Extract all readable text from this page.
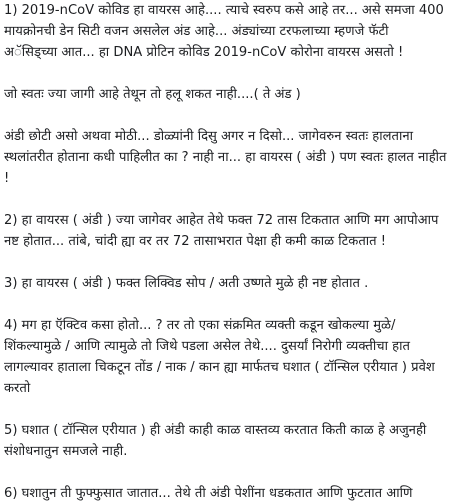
1) 2019-nCoV कोविड हा वायरस आहे.... त्याचे स्वरुप कसे आहे तर... असे समजा 400
मायक्रोनची डेन सिटी वजन असलेल अंड आहे... अंड्यांच्या टरफलाच्या म्हणजे फॅटी
अॅसिड्च्या आत... हा DNA प्रोटिन कोविड 2019-nCoV कोरोना वायरस असतो !

जो स्वतः ज्या जागी आहे तेथून तो हलू शकत नाही....( ते अंड )

अंडी छोटी असो अथवा मोठी... डोळ्यांनी दिसु अगर न दिसो... जागेवरुन स्वतः हालताना
स्थलांतरीत होताना कधी पाहिलीत का ? नाही ना... हा वायरस ( अंडी ) पण स्वतः हालत नाहीत
!

2) हा वायरस ( अंडी ) ज्या जागेवर आहेत तेथे फक्त 72 तास टिकतात आणि मग आपोआप
नष्ट होतात... तांबे, चांदी ह्या वर तर 72 तासाभरात पेक्षा ही कमी काळ टिकतात !

3) हा वायरस ( अंडी ) फक्त लिक्विड सोप / अती उष्णते मुळे ही नष्ट होतात .

4) मग हा ऍक्टिव कसा होतो... ? तर तो एका संक्रमित व्यक्ती कडून खोकल्या मुळे/
शिंकल्यामुळे / आणि त्यामुळे तो जिथे पडला असेल तेथे.... दुसर्यां निरोगी व्यक्तीचा हात
लागल्यावर हाताला चिकटून तोंड / नाक / कान ह्या मार्फतच घशात ( टॉन्सिल एरीयात ) प्रवेश
करतो

5) घशात ( टॉन्सिल एरीयात ) ही अंडी काही काळ वास्तव्य करतात किती काळ हे अजुनही
संशोधनातुन समजले नाही.

6) घशातुन ती फुफ्फुसात जातात... तेथे ती अंडी पेशींना धडकतात आणि फुटतात आणि
